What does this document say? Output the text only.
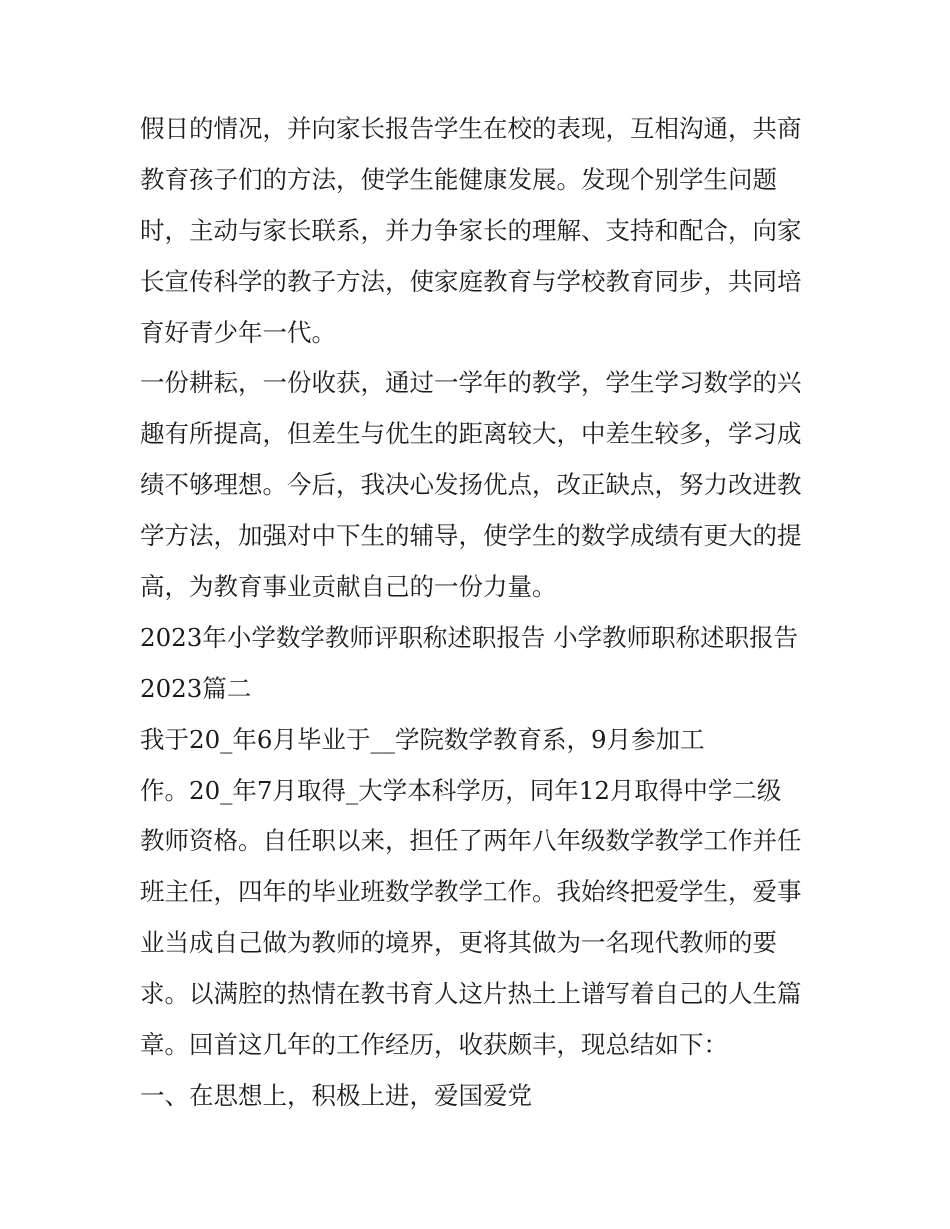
假日的情况，并向家长报告学生在校的表现，互相沟通，共商
教育孩子们的方法，使学生能健康发展。发现个别学生问题
时，主动与家长联系，并力争家长的理解、支持和配合，向家
长宣传科学的教子方法，使家庭教育与学校教育同步，共同培
育好青少年一代。
一份耕耘，一份收获，通过一学年的教学，学生学习数学的兴
趣有所提高，但差生与优生的距离较大，中差生较多，学习成
绩不够理想。今后，我决心发扬优点，改正缺点，努力改进教
学方法，加强对中下生的辅导，使学生的数学成绩有更大的提
高，为教育事业贡献自己的一份力量。
2023年小学数学教师评职称述职报告 小学教师职称述职报告
2023篇二
我于20_年6月毕业于__学院数学教育系，9月参加工
作。20_年7月取得_大学本科学历，同年12月取得中学二级
教师资格。自任职以来，担任了两年八年级数学教学工作并任
班主任，四年的毕业班数学教学工作。我始终把爱学生，爱事
业当成自己做为教师的境界，更将其做为一名现代教师的要
求。以满腔的热情在教书育人这片热土上谱写着自己的人生篇
章。回首这几年的工作经历，收获颇丰，现总结如下：
一、在思想上，积极上进，爱国爱党
